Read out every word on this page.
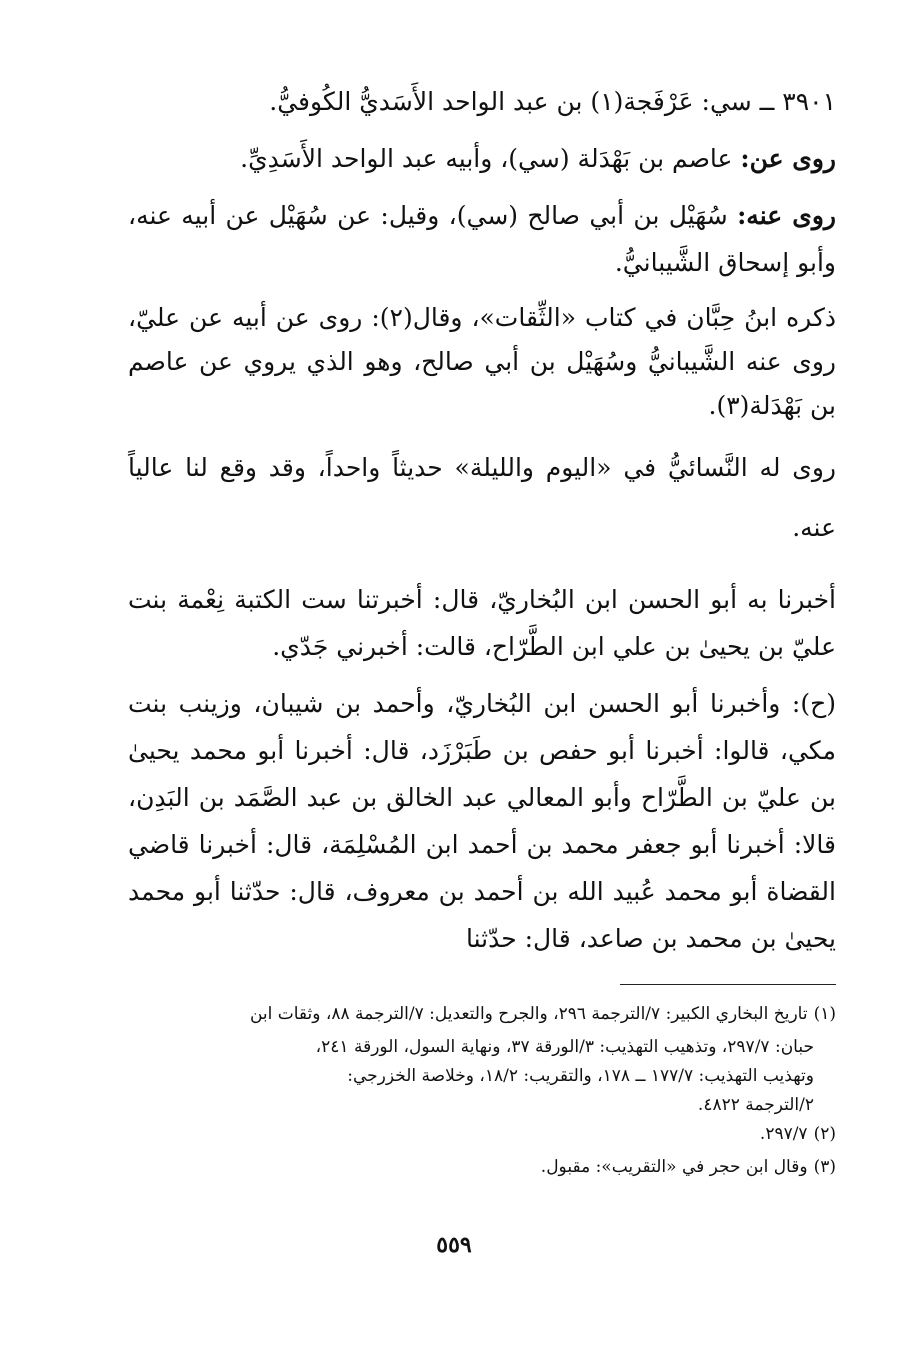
٣٩٠١ ــ سي: عَرْفَجة(١) بن عبد الواحد الأَسَديُّ الكُوفيُّ.

روى عن: عاصم بن بَهْدَلة (سي)، وأبيه عبد الواحد الأَسَدِيِّ.

روى عنه: سُهَيْل بن أبي صالح (سي)، وقيل: عن سُهَيْل عن أبيه عنه، وأبو إسحاق الشَّيبانيُّ.

ذكره ابنُ حِبَّان في كتاب «الثِّقات»، وقال(٢): روى عن أبيه عن عليّ، روى عنه الشَّيبانيُّ وسُهَيْل بن أبي صالح، وهو الذي يروي عن عاصم بن بَهْدَلة(٣).

روى له النَّسائيُّ في «اليوم والليلة» حديثاً واحداً، وقد وقع لنا عالياً عنه.

أخبرنا به أبو الحسن ابن البُخاريّ، قال: أخبرتنا ست الكتبة نِعْمة بنت عليّ بن يحيىٰ بن علي ابن الطَّرّاح، قالت: أخبرني جَدّي.

(ح): وأخبرنا أبو الحسن ابن البُخاريّ، وأحمد بن شيبان، وزينب بنت مكي، قالوا: أخبرنا أبو حفص بن طَبَرْزَد، قال: أخبرنا أبو محمد يحيىٰ بن عليّ بن الطَّرّاح وأبو المعالي عبد الخالق بن عبد الصَّمَد بن البَدِن، قالا: أخبرنا أبو جعفر محمد بن أحمد ابن المُسْلِمَة، قال: أخبرنا قاضي القضاة أبو محمد عُبيد الله بن أحمد بن معروف، قال: حدّثنا أبو محمد يحيىٰ بن محمد بن صاعد، قال: حدّثنا

(١)تاريخ البخاري الكبير: ٧/الترجمة ٢٩٦، والجرح والتعديل: ٧/الترجمة ٨٨، وثقات ابن

حبان: ٢٩٧/٧، وتذهيب التهذيب: ٣/الورقة ٣٧، ونهاية السول، الورقة ٢٤١،

وتهذيب التهذيب: ١٧٧/٧ ــ ١٧٨، والتقريب: ١٨/٢، وخلاصة الخزرجي:

٢/الترجمة ٤٨٢٢.

(٢)٢٩٧/٧.

(٣)وقال ابن حجر في «التقريب»: مقبول.

٥٥٩
